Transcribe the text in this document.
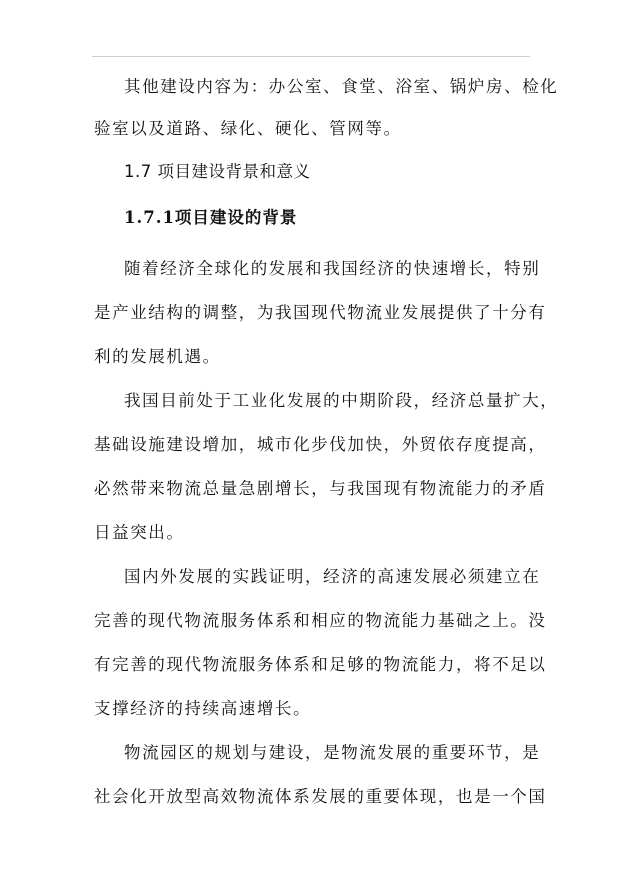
其他建设内容为：办公室、食堂、浴室、锅炉房、检化
验室以及道路、绿化、硬化、管网等。
1.7 项目建设背景和意义
1.7.1项目建设的背景
随着经济全球化的发展和我国经济的快速增长，特别
是产业结构的调整，为我国现代物流业发展提供了十分有
利的发展机遇。
我国目前处于工业化发展的中期阶段，经济总量扩大，
基础设施建设增加，城市化步伐加快，外贸依存度提高，
必然带来物流总量急剧增长，与我国现有物流能力的矛盾
日益突出。
国内外发展的实践证明，经济的高速发展必须建立在
完善的现代物流服务体系和相应的物流能力基础之上。没
有完善的现代物流服务体系和足够的物流能力，将不足以
支撑经济的持续高速增长。
物流园区的规划与建设，是物流发展的重要环节，是
社会化开放型高效物流体系发展的重要体现，也是一个国
